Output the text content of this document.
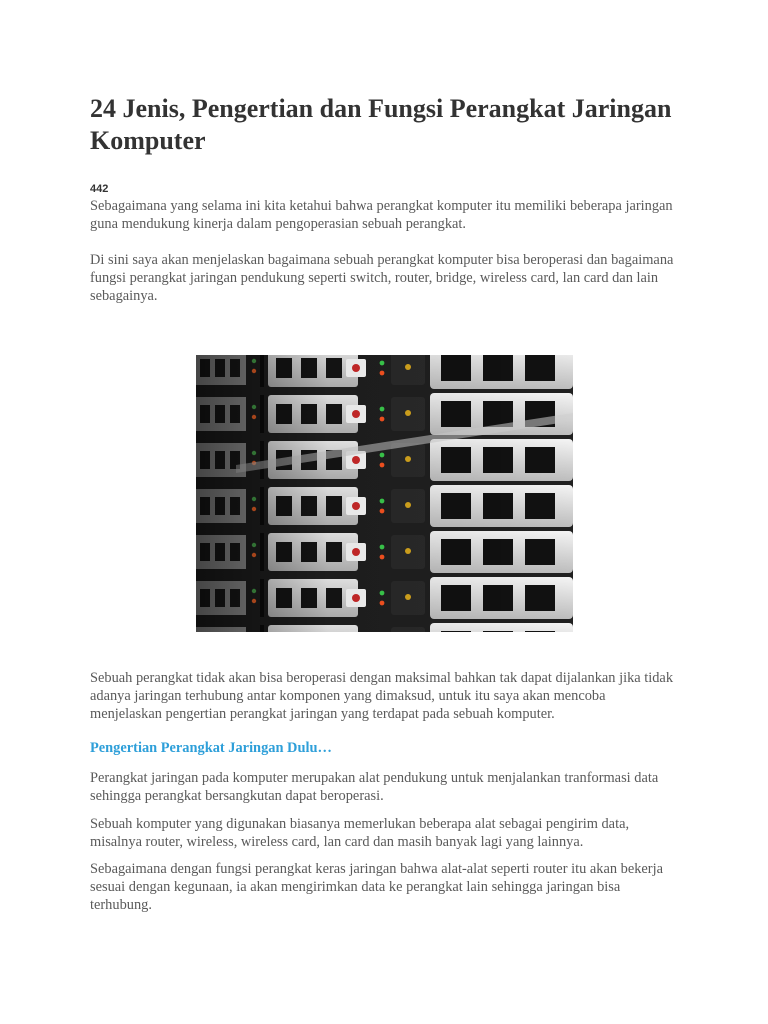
24 Jenis, Pengertian dan Fungsi Perangkat Jaringan Komputer
442

Sebagaimana yang selama ini kita ketahui bahwa perangkat komputer itu memiliki beberapa jaringan guna mendukung kinerja dalam pengoperasian sebuah perangkat.

Di sini saya akan menjelaskan bagaimana sebuah perangkat komputer bisa beroperasi dan bagaimana fungsi perangkat jaringan pendukung seperti switch, router, bridge, wireless card, lan card dan lain sebagainya.

Sebuah perangkat tidak akan bisa beroperasi dengan maksimal bahkan tak dapat dijalankan jika tidak adanya jaringan terhubung antar komponen yang dimaksud, untuk itu saya akan mencoba menjelaskan pengertian perangkat jaringan yang terdapat pada sebuah komputer.

Pengertian Perangkat Jaringan Dulu…

Perangkat jaringan pada komputer merupakan alat pendukung untuk menjalankan tranformasi data sehingga perangkat bersangkutan dapat beroperasi.

Sebuah komputer yang digunakan biasanya memerlukan beberapa alat sebagai pengirim data, misalnya router, wireless, wireless card, lan card dan masih banyak lagi yang lainnya.

Sebagaimana dengan fungsi perangkat keras jaringan bahwa alat-alat seperti router itu akan bekerja sesuai dengan kegunaan, ia akan mengirimkan data ke perangkat lain sehingga jaringan bisa terhubung.
